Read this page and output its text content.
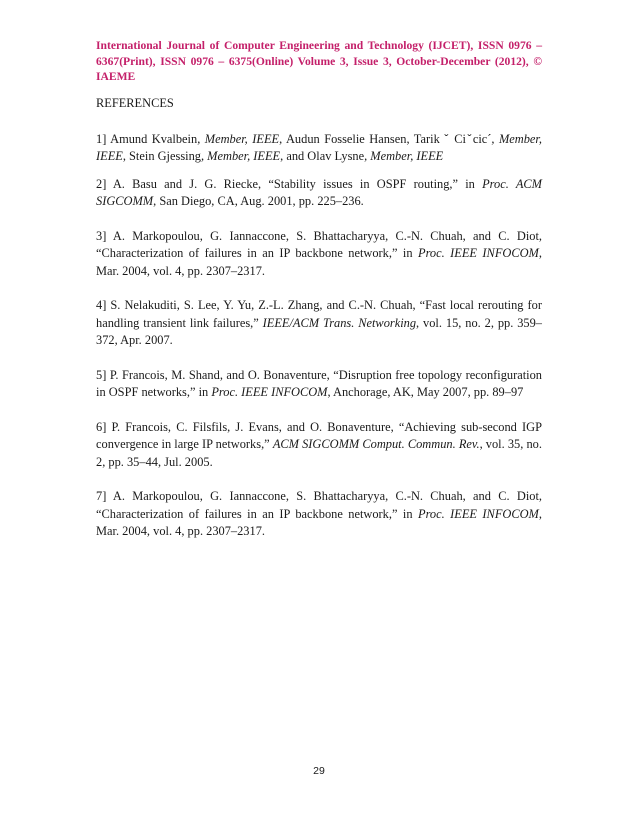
International Journal of Computer Engineering and Technology (IJCET), ISSN 0976 –
6367(Print), ISSN 0976 – 6375(Online) Volume 3, Issue 3, October-December (2012), © IAEME

REFERENCES

1] Amund Kvalbein, Member, IEEE, Audun Fosselie Hansen, Tarik ˇ Ciˇcic´, Member, IEEE, Stein Gjessing, Member, IEEE, and Olav Lysne, Member, IEEE

2] A. Basu and J. G. Riecke, “Stability issues in OSPF routing,” in Proc. ACM SIGCOMM, San Diego, CA, Aug. 2001, pp. 225–236.

3] A. Markopoulou, G. Iannaccone, S. Bhattacharyya, C.-N. Chuah, and C. Diot, “Characterization of failures in an IP backbone network,” in Proc. IEEE INFOCOM, Mar. 2004, vol. 4, pp. 2307–2317.

4] S. Nelakuditi, S. Lee, Y. Yu, Z.-L. Zhang, and C.-N. Chuah, “Fast local rerouting for handling transient link failures,” IEEE/ACM Trans. Networking, vol. 15, no. 2, pp. 359–372, Apr. 2007.

5] P. Francois, M. Shand, and O. Bonaventure, “Disruption free topology reconfiguration in OSPF networks,” in Proc. IEEE INFOCOM, Anchorage, AK, May 2007, pp. 89–97

6] P. Francois, C. Filsfils, J. Evans, and O. Bonaventure, “Achieving sub-second IGP convergence in large IP networks,” ACM SIGCOMM Comput. Commun. Rev., vol. 35, no. 2, pp. 35–44, Jul. 2005.

7] A. Markopoulou, G. Iannaccone, S. Bhattacharyya, C.-N. Chuah, and C. Diot, “Characterization of failures in an IP backbone network,” in Proc. IEEE INFOCOM, Mar. 2004, vol. 4, pp. 2307–2317.

29
